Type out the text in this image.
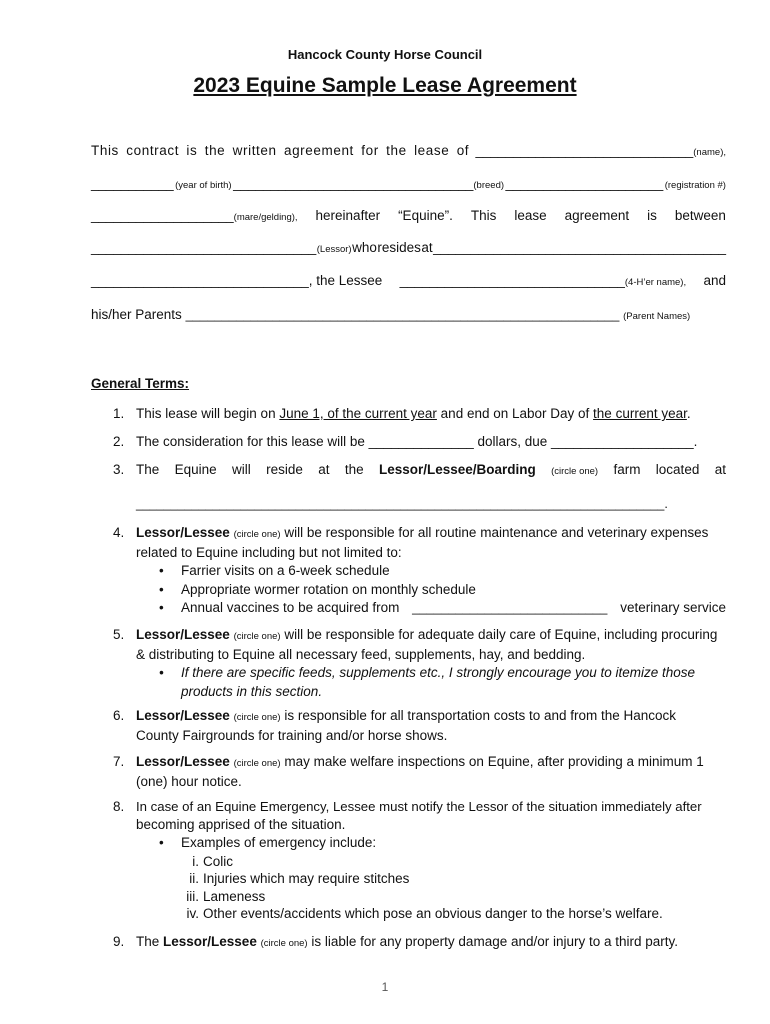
Hancock County Horse Council
2023 Equine Sample Lease Agreement
This contract is the written agreement for the lease of _____________________________(name),
___________ (year of birth) ________________________________(breed) _____________________ (registration #)
___________________(mare/gelding), hereinafter “Equine”. This lease agreement is between
______________________________ (Lessor) who resides at _______________________________________
_____________________________, the Lessee ______________________________(4-H’er name), and
his/her Parents ____________________________________________________________ (Parent Names)
General Terms:
1. This lease will begin on June 1, of the current year and end on Labor Day of the current year.
2. The consideration for this lease will be ______________ dollars, due ___________________.
3. The Equine will reside at the Lessor/Lessee/Boarding (circle one) farm located at
____________________________________________________________________________.
4. Lessor/Lessee (circle one) will be responsible for all routine maintenance and veterinary expenses
related to Equine including but not limited to:
• Farrier visits on a 6-week schedule
• Appropriate wormer rotation on monthly schedule
• Annual vaccines to be acquired from ___________________________ veterinary service
5. Lessor/Lessee (circle one) will be responsible for adequate daily care of Equine, including procuring
& distributing to Equine all necessary feed, supplements, hay, and bedding.
• If there are specific feeds, supplements etc., I strongly encourage you to itemize those
products in this section.
6. Lessor/Lessee (circle one) is responsible for all transportation costs to and from the Hancock
County Fairgrounds for training and/or horse shows.
7. Lessor/Lessee (circle one) may make welfare inspections on Equine, after providing a minimum 1
(one) hour notice.
8. In case of an Equine Emergency, Lessee must notify the Lessor of the situation immediately after
becoming apprised of the situation.
• Examples of emergency include:
i. Colic
ii. Injuries which may require stitches
iii. Lameness
iv. Other events/accidents which pose an obvious danger to the horse’s welfare.
9. The Lessor/Lessee (circle one) is liable for any property damage and/or injury to a third party.
1
